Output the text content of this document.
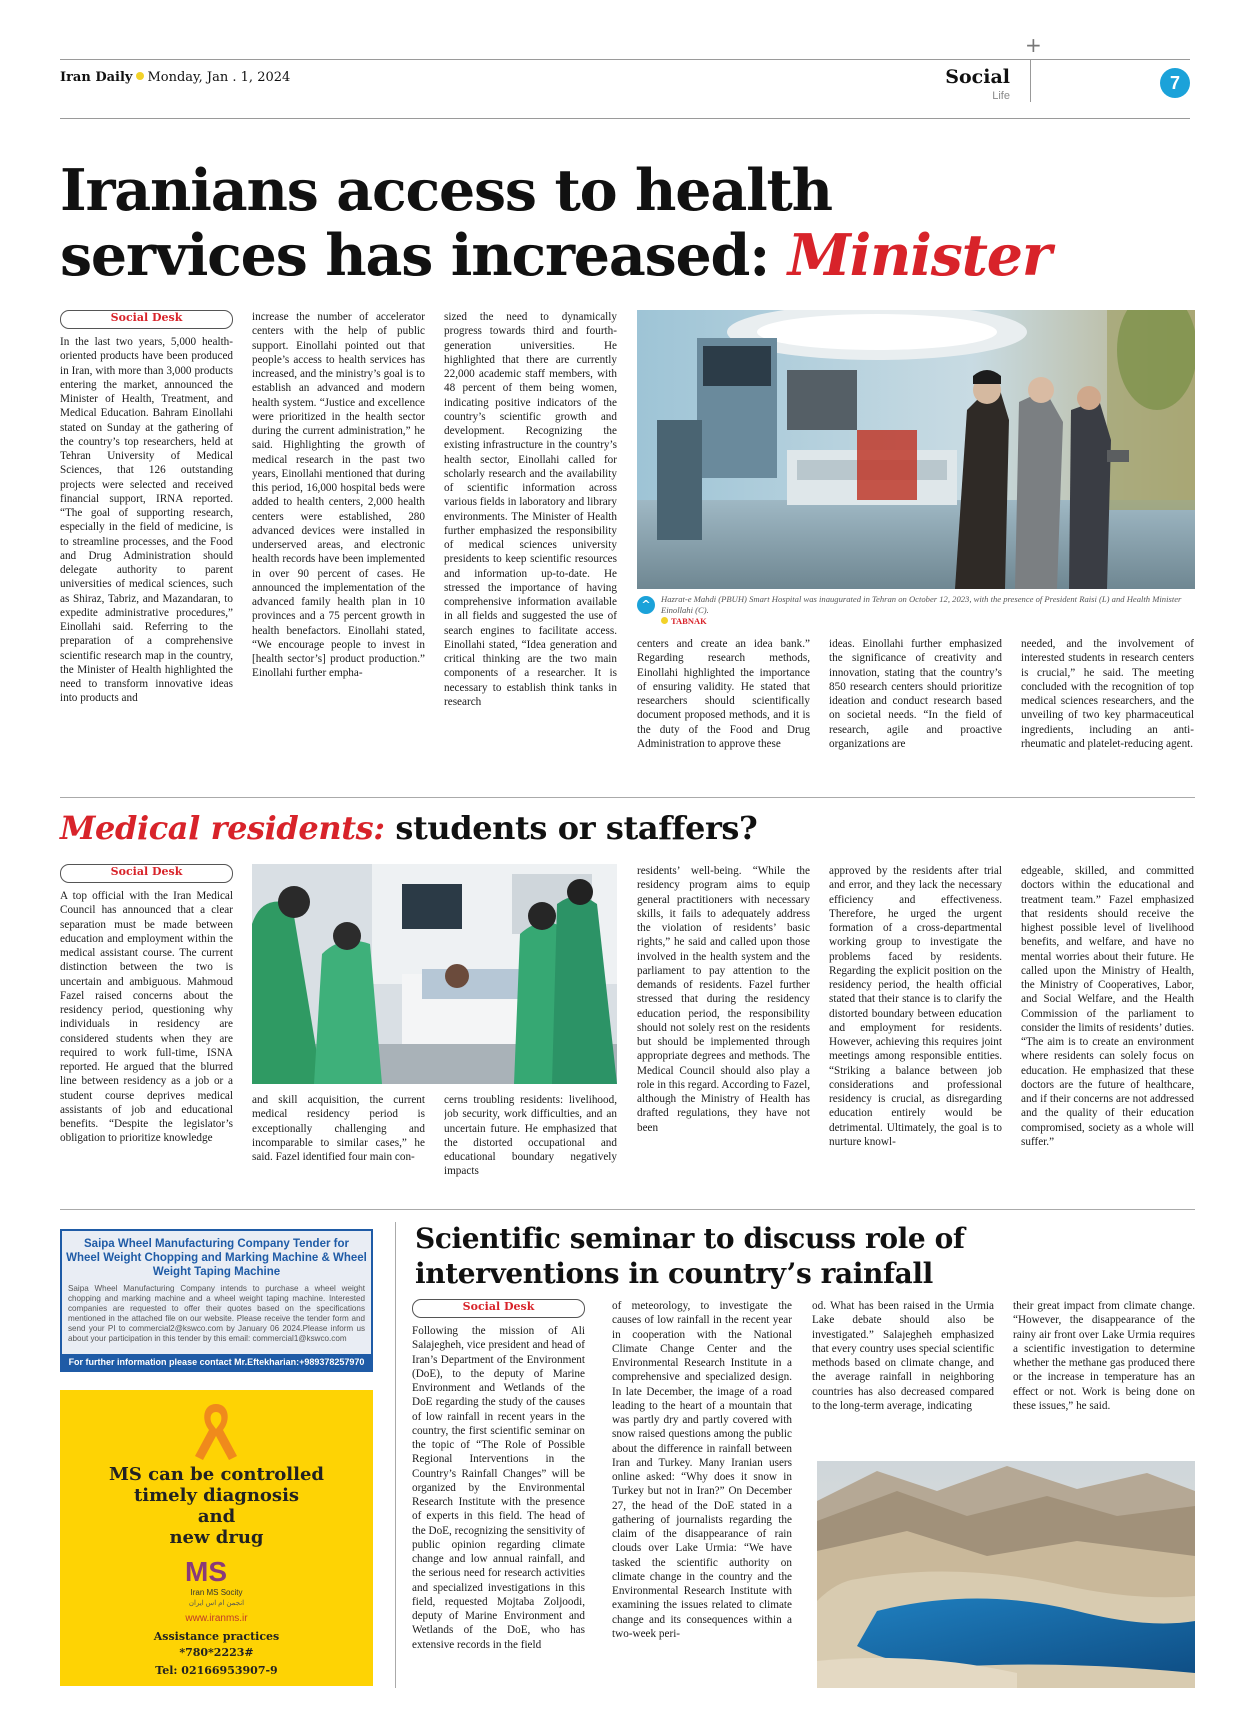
+
Iran Daily Monday, Jan . 1, 2024	Social
Life
7
Iranians access to health services has increased: Minister
Social Desk

In the last two years, 5,000 health-oriented products have been produced in Iran, with more than 3,000 products entering the market, announced the Minister of Health, Treatment, and Medical Education. Bahram Einollahi stated on Sunday at the gathering of the country’s top researchers, held at Tehran University of Medical Sciences, that 126 outstanding projects were selected and received financial support, IRNA reported. “The goal of supporting research, especially in the field of medicine, is to streamline processes, and the Food and Drug Administration should delegate authority to parent universities of medical sciences, such as Shiraz, Tabriz, and Mazandaran, to expedite administrative procedures,” Einollahi said. Referring to the preparation of a comprehensive scientific research map in the country, the Minister of Health highlighted the need to transform innovative ideas into products and

increase the number of accelerator centers with the help of public support. Einollahi pointed out that people’s access to health services has increased, and the ministry’s goal is to establish an advanced and modern health system. “Justice and excellence were prioritized in the health sector during the current administration,” he said. Highlighting the growth of medical research in the past two years, Einollahi mentioned that during this period, 16,000 hospital beds were added to health centers, 2,000 health centers were established, 280 advanced devices were installed in underserved areas, and electronic health records have been implemented in over 90 percent of cases. He announced the implementation of the advanced family health plan in 10 provinces and a 75 percent growth in health benefactors. Einollahi stated, “We encourage people to invest in [health sector’s] product production.” Einollahi further empha-

sized the need to dynamically progress towards third and fourth-generation universities. He highlighted that there are currently 22,000 academic staff members, with 48 percent of them being women, indicating positive indicators of the country’s scientific growth and development. Recognizing the existing infrastructure in the country’s health sector, Einollahi called for scholarly research and the availability of scientific information across various fields in laboratory and library environments. The Minister of Health further emphasized the responsibility of medical sciences university presidents to keep scientific resources and information up-to-date. He stressed the importance of having comprehensive information available in all fields and suggested the use of search engines to facilitate access. Einollahi stated, “Idea generation and critical thinking are the two main components of a researcher. It is necessary to establish think tanks in research

^	Hazrat-e Mahdi (PBUH) Smart Hospital was inaugurated in Tehran on October 12, 2023, with the presence of President Raisi (L) and Health Minister Einollahi (C).
TABNAK

centers and create an idea bank.” Regarding research methods, Einollahi highlighted the importance of ensuring validity. He stated that researchers should scientifically document proposed methods, and it is the duty of the Food and Drug Administration to approve these

ideas. Einollahi further emphasized the significance of creativity and innovation, stating that the country’s 850 research centers should prioritize ideation and conduct research based on societal needs. “In the field of research, agile and proactive organizations are

needed, and the involvement of interested students in research centers is crucial,” he said. The meeting concluded with the recognition of top medical sciences researchers, and the unveiling of two key pharmaceutical ingredients, including an anti-rheumatic and platelet-reducing agent.

Medical residents: students or staffers?
Social Desk

A top official with the Iran Medical Council has announced that a clear separation must be made between education and employment within the medical assistant course. The current distinction between the two is uncertain and ambiguous. Mahmoud Fazel raised concerns about the residency period, questioning why individuals in residency are considered students when they are required to work full-time, ISNA reported. He argued that the blurred line between residency as a job or a student course deprives medical assistants of job and educational benefits. “Despite the legislator’s obligation to prioritize knowledge

and skill acquisition, the current medical residency period is exceptionally challenging and incomparable to similar cases,” he said. Fazel identified four main con-

cerns troubling residents: livelihood, job security, work difficulties, and an uncertain future. He emphasized that the distorted occupational and educational boundary negatively impacts

residents’ well-being. “While the residency program aims to equip general practitioners with necessary skills, it fails to adequately address the violation of residents’ basic rights,” he said and called upon those involved in the health system and the parliament to pay attention to the demands of residents. Fazel further stressed that during the residency education period, the responsibility should not solely rest on the residents but should be implemented through appropriate degrees and methods. The Medical Council should also play a role in this regard. According to Fazel, although the Ministry of Health has drafted regulations, they have not been

approved by the residents after trial and error, and they lack the necessary efficiency and effectiveness. Therefore, he urged the urgent formation of a cross-departmental working group to investigate the problems faced by residents. Regarding the explicit position on the residency period, the health official stated that their stance is to clarify the distorted boundary between education and employment for residents. However, achieving this requires joint meetings among responsible entities. “Striking a balance between job considerations and professional residency is crucial, as disregarding education entirely would be detrimental. Ultimately, the goal is to nurture knowl-

edgeable, skilled, and committed doctors within the educational and treatment team.” Fazel emphasized that residents should receive the highest possible level of livelihood benefits, and welfare, and have no mental worries about their future. He called upon the Ministry of Health, the Ministry of Cooperatives, Labor, and Social Welfare, and the Health Commission of the parliament to consider the limits of residents’ duties. “The aim is to create an environment where residents can solely focus on education. He emphasized that these doctors are the future of healthcare, and if their concerns are not addressed and the quality of their education compromised, society as a whole will suffer.”

Saipa Wheel Manufacturing Company Tender for Wheel Weight Chopping and Marking Machine & Wheel Weight Taping Machine
Saipa Wheel Manufacturing Company intends to purchase a wheel weight chopping and marking machine and a wheel weight taping machine. Interested companies are requested to offer their quotes based on the specifications mentioned in the attached file on our website. Please receive the tender form and send your PI to commercial2@kswco.com by January 06 2024.Please inform us about your participation in this tender by this email: commercial1@kswco.com
For further information please contact Mr.Eftekharian:+989378257970
MS can be controlled
timely diagnosis
and
new drug
MS
Iran MS Socity
انجمن ام اس ایران
www.iranms.ir
Assistance practices
*780*2223#
Tel: 02166953907-9
Scientific seminar to discuss role of
interventions in country’s rainfall
Social Desk

Following the mission of Ali Salajegheh, vice president and head of Iran’s Department of the Environment (DoE), to the deputy of Marine Environment and Wetlands of the DoE regarding the study of the causes of low rainfall in recent years in the country, the first scientific seminar on the topic of “The Role of Possible Regional Interventions in the Country’s Rainfall Changes” will be organized by the Environmental Research Institute with the presence of experts in this field. The head of the DoE, recognizing the sensitivity of public opinion regarding climate change and low annual rainfall, and the serious need for research activities and specialized investigations in this field, requested Mojtaba Zoljoodi, deputy of Marine Environment and Wetlands of the DoE, who has extensive records in the field

of meteorology, to investigate the causes of low rainfall in the recent year in cooperation with the National Climate Change Center and the Environmental Research Institute in a comprehensive and specialized design. In late December, the image of a road leading to the heart of a mountain that was partly dry and partly covered with snow raised questions among the public about the difference in rainfall between Iran and Turkey. Many Iranian users online asked: “Why does it snow in Turkey but not in Iran?” On December 27, the head of the DoE stated in a gathering of journalists regarding the claim of the disappearance of rain clouds over Lake Urmia: “We have tasked the scientific authority on climate change in the country and the Environmental Research Institute with examining the issues related to climate change and its consequences within a two-week peri-

od. What has been raised in the Urmia Lake debate should also be investigated.” Salajegheh emphasized that every country uses special scientific methods based on climate change, and the average rainfall in neighboring countries has also decreased compared to the long-term average, indicating

their great impact from climate change. “However, the disappearance of the rainy air front over Lake Urmia requires a scientific investigation to determine whether the methane gas produced there or the increase in temperature has an effect or not. Work is being done on these issues,” he said.
